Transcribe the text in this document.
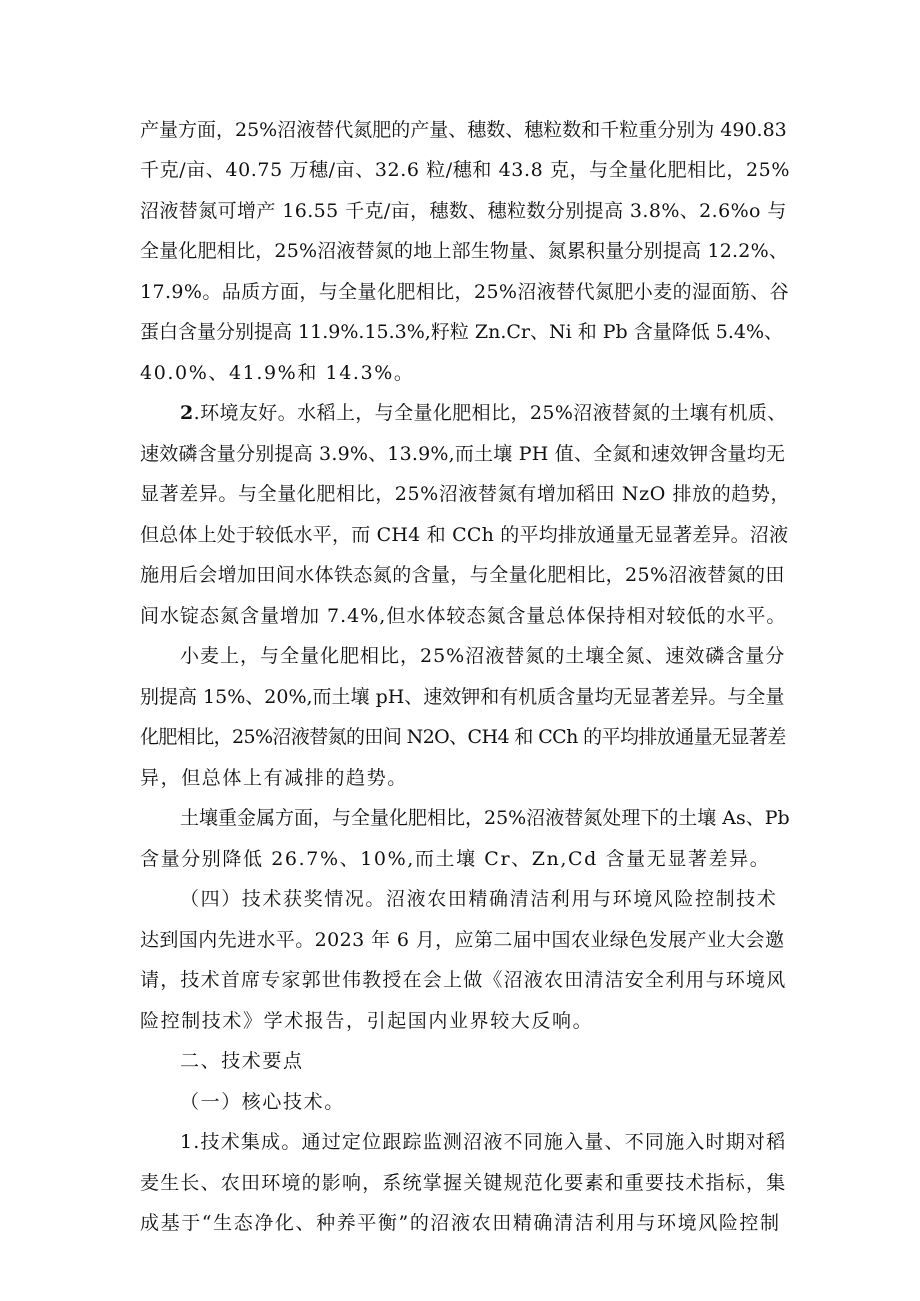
产量方面，25%沼液替代氮肥的产量、穗数、穗粒数和千粒重分别为 490.83
千克/亩、40.75 万穗/亩、32.6 粒/穗和 43.8 克，与全量化肥相比，25%
沼液替氮可增产 16.55 千克/亩，穗数、穗粒数分别提高 3.8%、2.6%o 与
全量化肥相比，25%沼液替氮的地上部生物量、氮累积量分别提高 12.2%、
17.9%。品质方面，与全量化肥相比，25%沼液替代氮肥小麦的湿面筋、谷
蛋白含量分别提高 11.9%.15.3%,籽粒 Zn.Cr、Ni 和 Pb 含量降低 5.4%、
40.0%、41.9%和 14.3%。
2.环境友好。水稻上，与全量化肥相比，25%沼液替氮的土壤有机质、
速效磷含量分别提高 3.9%、13.9%,而土壤 PH 值、全氮和速效钾含量均无
显著差异。与全量化肥相比，25%沼液替氮有增加稻田 NzO 排放的趋势，
但总体上处于较低水平，而 CH4 和 CCh 的平均排放通量无显著差异。沼液
施用后会增加田间水体铁态氮的含量，与全量化肥相比，25%沼液替氮的田
间水锭态氮含量增加 7.4%,但水体较态氮含量总体保持相对较低的水平。
小麦上，与全量化肥相比，25%沼液替氮的土壤全氮、速效磷含量分
别提高 15%、20%,而土壤 pH、速效钾和有机质含量均无显著差异。与全量
化肥相比，25%沼液替氮的田间 N2O、CH4 和 CCh 的平均排放通量无显著差
异，但总体上有减排的趋势。
土壤重金属方面，与全量化肥相比，25%沼液替氮处理下的土壤 As、Pb
含量分别降低 26.7%、10%,而土壤 Cr、Zn,Cd 含量无显著差异。
（四）技术获奖情况。沼液农田精确清洁利用与环境风险控制技术
达到国内先进水平。2023 年 6 月，应第二届中国农业绿色发展产业大会邀
请，技术首席专家郭世伟教授在会上做《沼液农田清洁安全利用与环境风
险控制技术》学术报告，引起国内业界较大反响。
二、技术要点
（一）核心技术。
1.技术集成。通过定位跟踪监测沼液不同施入量、不同施入时期对稻
麦生长、农田环境的影响，系统掌握关键规范化要素和重要技术指标，集
成基于“生态净化、种养平衡”的沼液农田精确清洁利用与环境风险控制
